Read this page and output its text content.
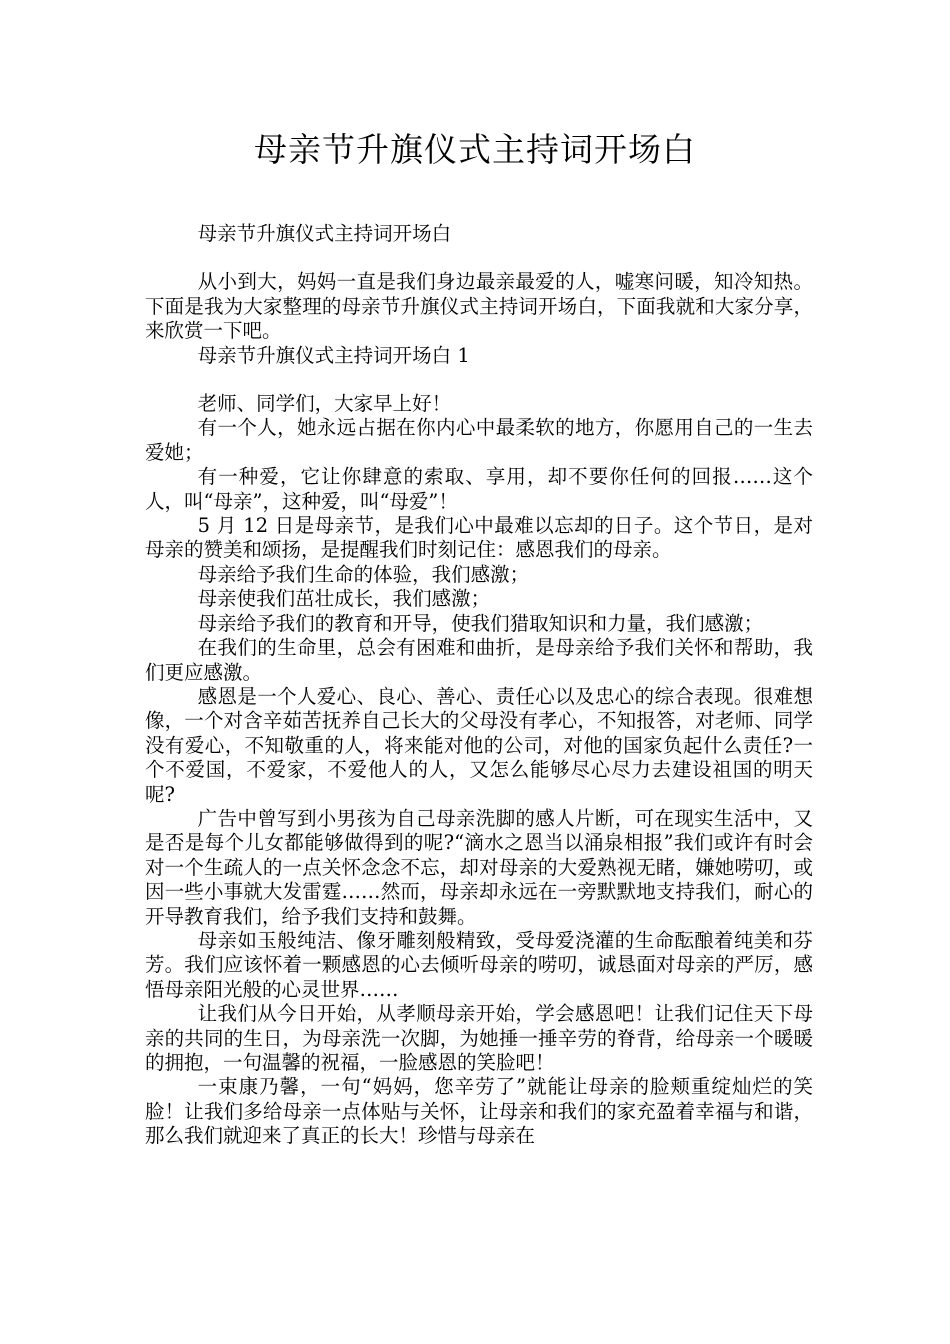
母亲节升旗仪式主持词开场白

母亲节升旗仪式主持词开场白

从小到大，妈妈一直是我们身边最亲最爱的人，嘘寒问暖，知冷知热。下面是我为大家整理的母亲节升旗仪式主持词开场白，下面我就和大家分享，来欣赏一下吧。

母亲节升旗仪式主持词开场白 1

老师、同学们，大家早上好！

有一个人，她永远占据在你内心中最柔软的地方，你愿用自己的一生去爱她；

有一种爱，它让你肆意的索取、享用，却不要你任何的回报……这个人，叫“母亲”，这种爱，叫“母爱”！

5 月 12 日是母亲节，是我们心中最难以忘却的日子。这个节日，是对母亲的赞美和颂扬，是提醒我们时刻记住：感恩我们的母亲。

母亲给予我们生命的体验，我们感激；

母亲使我们茁壮成长，我们感激；

母亲给予我们的教育和开导，使我们猎取知识和力量，我们感激；

在我们的生命里，总会有困难和曲折，是母亲给予我们关怀和帮助，我们更应感激。

感恩是一个人爱心、良心、善心、责任心以及忠心的综合表现。很难想像，一个对含辛茹苦抚养自己长大的父母没有孝心，不知报答，对老师、同学没有爱心，不知敬重的人，将来能对他的公司，对他的国家负起什么责任?一个不爱国，不爱家，不爱他人的人，又怎么能够尽心尽力去建设祖国的明天呢?

广告中曾写到小男孩为自己母亲洗脚的感人片断，可在现实生活中，又是否是每个儿女都能够做得到的呢?“滴水之恩当以涌泉相报”我们或许有时会对一个生疏人的一点关怀念念不忘，却对母亲的大爱熟视无睹，嫌她唠叨，或因一些小事就大发雷霆……然而，母亲却永远在一旁默默地支持我们，耐心的开导教育我们，给予我们支持和鼓舞。

母亲如玉般纯洁、像牙雕刻般精致，受母爱浇灌的生命酝酿着纯美和芬芳。我们应该怀着一颗感恩的心去倾听母亲的唠叨，诚恳面对母亲的严厉，感悟母亲阳光般的心灵世界……

让我们从今日开始，从孝顺母亲开始，学会感恩吧！让我们记住天下母亲的共同的生日，为母亲洗一次脚，为她捶一捶辛劳的脊背，给母亲一个暖暖的拥抱，一句温馨的祝福，一脸感恩的笑脸吧！

一束康乃馨，一句“妈妈，您辛劳了”就能让母亲的脸颊重绽灿烂的笑脸！让我们多给母亲一点体贴与关怀，让母亲和我们的家充盈着幸福与和谐，那么我们就迎来了真正的长大！珍惜与母亲在
